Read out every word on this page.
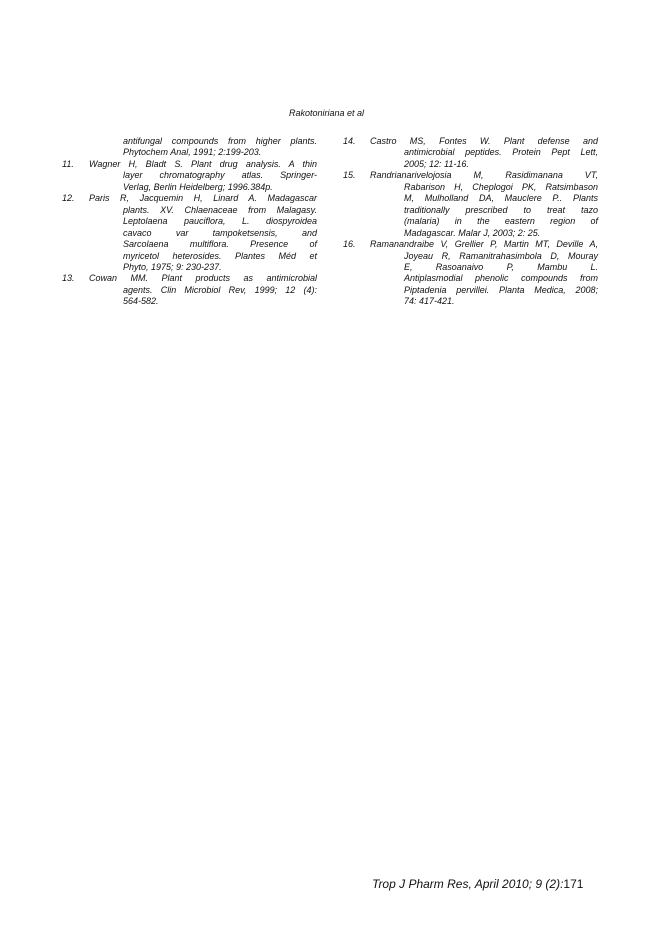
Rakotoniriana et al
antifungal compounds from higher plants.
Phytochem Anal, 1991; 2:199-203.
11. Wagner H, Bladt S. Plant drug analysis. A thin
layer chromatography atlas. Springer-
Verlag, Berlin Heidelberg; 1996.384p.
12. Paris R, Jacquemin H, Linard A. Madagascar
plants. XV. Chlaenaceae from Malagasy.
Leptolaena pauciflora, L. diospyroidea
cavaco var tampoketsensis, and
Sarcolaena multiflora. Presence of
myricetol heterosides. Plantes Méd et
Phyto, 1975; 9: 230-237.
13. Cowan MM. Plant products as antimicrobial
agents. Clin Microbiol Rev, 1999; 12 (4):
564-582.
14. Castro MS, Fontes W. Plant defense and
antimicrobial peptides. Protein Pept Lett,
2005; 12: 11-16.
15. Randrianarivelojosia M, Rasidimanana VT,
Rabarison H, Cheplogoi PK, Ratsimbason
M, Mulholland DA, Mauclere P.. Plants
traditionally prescribed to treat tazo
(malaria) in the eastern region of
Madagascar. Malar J, 2003; 2: 25.
16. Ramanandraibe V, Grellier P, Martin MT, Deville A,
Joyeau R, Ramanitrahasimbola D, Mouray
E, Rasoanaivo P, Mambu L.
Antiplasmodial phenolic compounds from
Piptadenia pervillei. Planta Medica, 2008;
74: 417-421.
Trop J Pharm Res, April 2010; 9 (2):171
